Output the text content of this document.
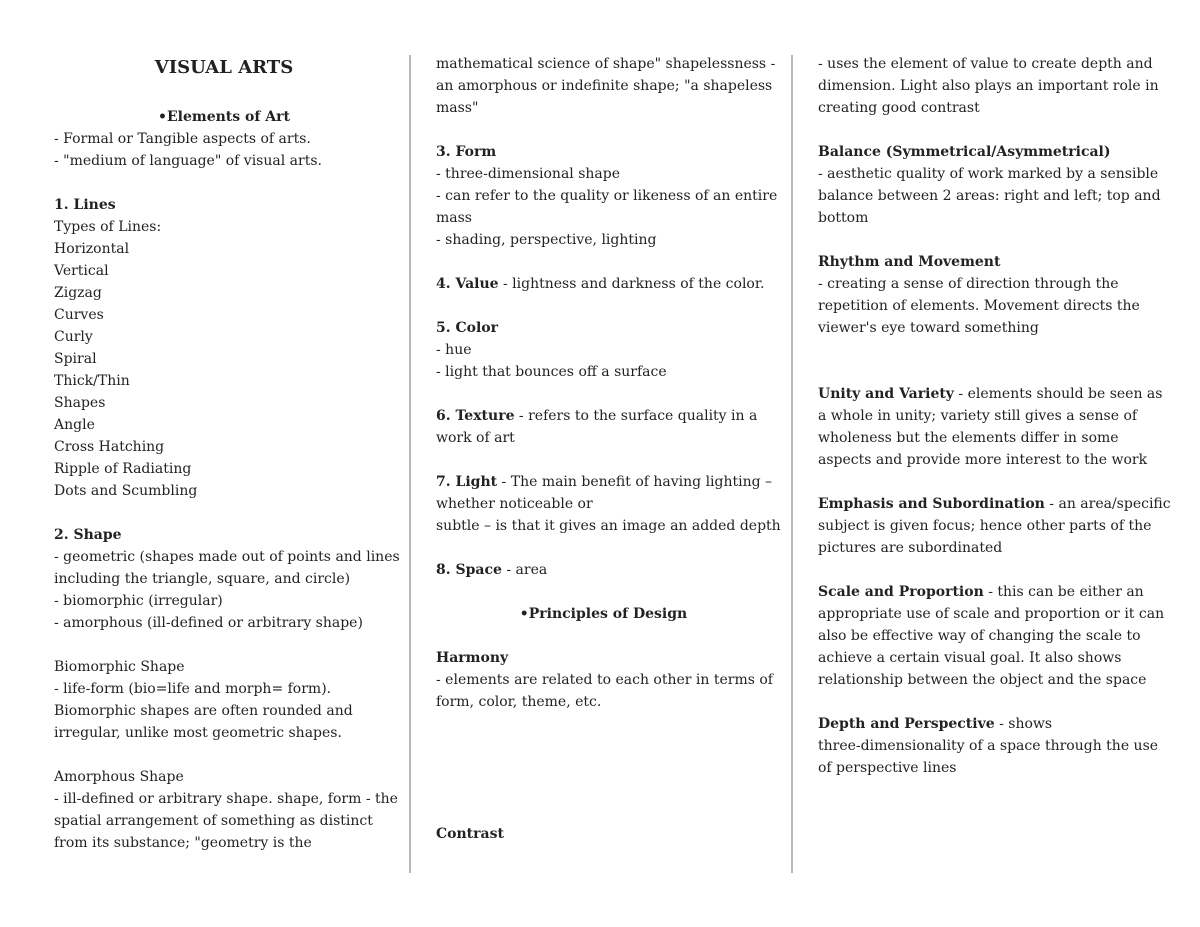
VISUAL ARTS
•Elements of Art
- Formal or Tangible aspects of arts.
- "medium of language" of visual arts.
1. Lines
Types of Lines:
Horizontal
Vertical
Zigzag
Curves
Curly
Spiral
Thick/Thin
Shapes
Angle
Cross Hatching
Ripple of Radiating
Dots and Scumbling
2. Shape
- geometric (shapes made out of points and lines
including the triangle, square, and circle)
- biomorphic (irregular)
- amorphous (ill-defined or arbitrary shape)
Biomorphic Shape
- life-form (bio=life and morph= form).
Biomorphic shapes are often rounded and
irregular, unlike most geometric shapes.
Amorphous Shape
- ill-defined or arbitrary shape. shape, form - the
spatial arrangement of something as distinct
from its substance; "geometry is the
mathematical science of shape" shapelessness -
an amorphous or indefinite shape; "a shapeless
mass"
3. Form
- three-dimensional shape
- can refer to the quality or likeness of an entire
mass
- shading, perspective, lighting
4. Value - lightness and darkness of the color.
5. Color
- hue
- light that bounces off a surface
6. Texture - refers to the surface quality in a
work of art
7. Light - The main benefit of having lighting –
whether noticeable or
subtle – is that it gives an image an added depth
8. Space - area
•Principles of Design
Harmony
- elements are related to each other in terms of
form, color, theme, etc.
Contrast
- uses the element of value to create depth and
dimension. Light also plays an important role in
creating good contrast
Balance (Symmetrical/Asymmetrical)
- aesthetic quality of work marked by a sensible
balance between 2 areas: right and left; top and
bottom
Rhythm and Movement
- creating a sense of direction through the
repetition of elements. Movement directs the
viewer's eye toward something
Unity and Variety - elements should be seen as
a whole in unity; variety still gives a sense of
wholeness but the elements differ in some
aspects and provide more interest to the work
Emphasis and Subordination - an area/specific
subject is given focus; hence other parts of the
pictures are subordinated
Scale and Proportion - this can be either an
appropriate use of scale and proportion or it can
also be effective way of changing the scale to
achieve a certain visual goal. It also shows
relationship between the object and the space
Depth and Perspective - shows
three-dimensionality of a space through the use
of perspective lines
